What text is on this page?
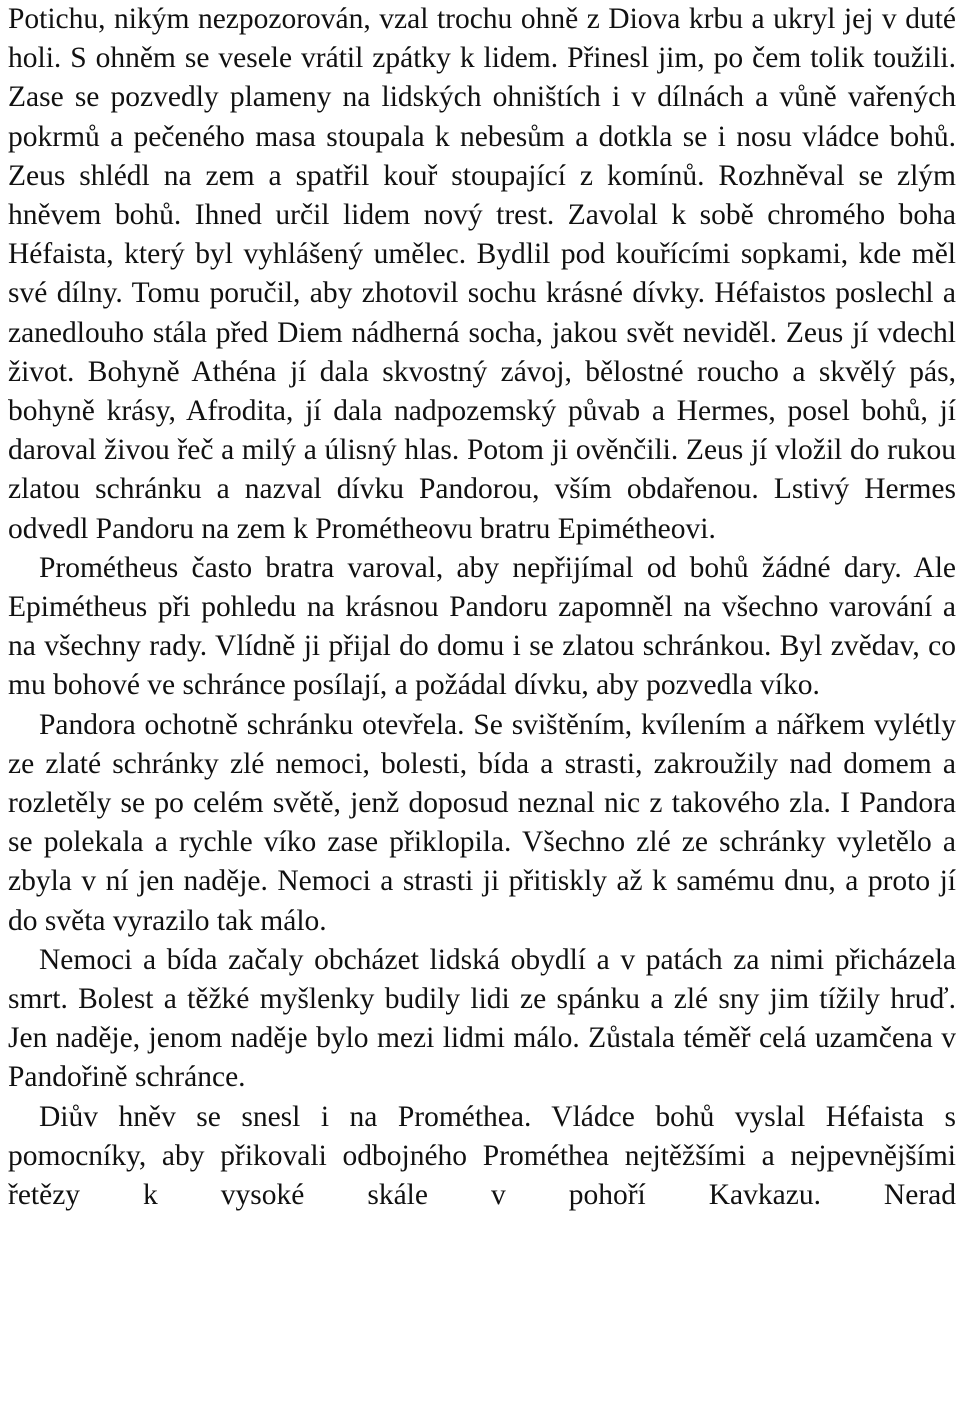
Potichu, nikým nezpozorován, vzal trochu ohně z Diova krbu a ukryl jej v duté holi. S ohněm se vesele vrátil zpátky k lidem. Přinesl jim, po čem tolik toužili. Zase se pozvedly plameny na lidských ohništích i v dílnách a vůně vařených pokrmů a pečeného masa stoupala k nebesům a dotkla se i nosu vládce bohů. Zeus shlédl na zem a spatřil kouř stoupající z komínů. Rozhněval se zlým hněvem bohů. Ihned určil lidem nový trest. Zavolal k sobě chromého boha Héfaista, který byl vyhlášený umělec. Bydlil pod kouřícími sopkami, kde měl své dílny. Tomu poručil, aby zhotovil sochu krásné dívky. Héfaistos poslechl a zanedlouho stála před Diem nádherná socha, jakou svět neviděl. Zeus jí vdechl život. Bohyně Athéna jí dala skvostný závoj, bělostné roucho a skvělý pás, bohyně krásy, Afrodita, jí dala nadpozemský půvab a Hermes, posel bohů, jí daroval živou řeč a milý a úlisný hlas. Potom ji ověnčili. Zeus jí vložil do rukou zlatou schránku a nazval dívku Pandorou, vším obdařenou. Lstivý Hermes odvedl Pandoru na zem k Prométheovu bratru Epimétheovi.

Prométheus často bratra varoval, aby nepřijímal od bohů žádné dary. Ale Epimétheus při pohledu na krásnou Pandoru zapomněl na všechno varování a na všechny rady. Vlídně ji přijal do domu i se zlatou schránkou. Byl zvědav, co mu bohové ve schránce posílají, a požádal dívku, aby pozvedla víko.

Pandora ochotně schránku otevřela. Se svištěním, kvílením a nářkem vylétly ze zlaté schránky zlé nemoci, bolesti, bída a strasti, zakroužily nad domem a rozletěly se po celém světě, jenž doposud neznal nic z takového zla. I Pandora se polekala a rychle víko zase přiklopila. Všechno zlé ze schránky vyletělo a zbyla v ní jen naděje. Nemoci a strasti ji přitiskly až k samému dnu, a proto jí do světa vyrazilo tak málo.

Nemoci a bída začaly obcházet lidská obydlí a v patách za nimi přicházela smrt. Bolest a těžké myšlenky budily lidi ze spánku a zlé sny jim tížily hruď. Jen naděje, jenom naděje bylo mezi lidmi málo. Zůstala téměř celá uzamčena v Pandořině schránce.

Diův hněv se snesl i na Prométhea. Vládce bohů vyslal Héfaista s pomocníky, aby přikovali odbojného Prométhea nejtěžšími a nejpevnějšími řetězy k vysoké skále v pohoří Kavkazu. Nerad
